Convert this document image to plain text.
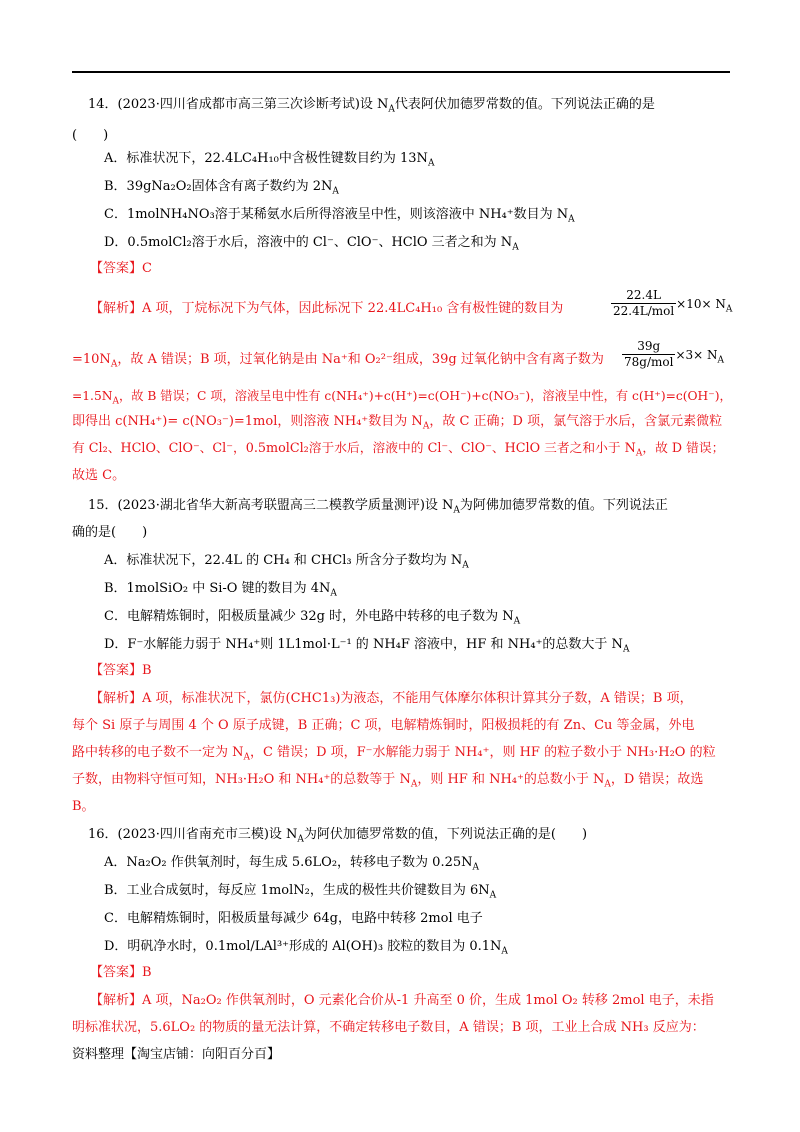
14．(2023·四川省成都市高三第三次诊断考试)设 $N_A$代表阿伏加德罗常数的值。下列说法正确的是
(　　)
A．标准状况下，22.4LC₄H₁₀中含极性键数目约为 $13N_A$
B．39gNa₂O₂固体含有离子数约为 $2N_A$
C．1molNH₄NO₃溶于某稀氨水后所得溶液呈中性，则该溶液中 NH₄⁺数目为 $N_A$
D．0.5molCl₂溶于水后，溶液中的 Cl⁻、ClO⁻、HClO 三者之和为 $N_A$
【答案】C
【解析】A 项，丁烷标况下为气体，因此标况下 22.4LC₄H₁₀ 含有极性键的数目为	$\frac{22.4L}{\text{22.4L/mol}} \times 10\times N_A$
$=10N_A$，故 A 错误；B 项，过氧化钠是由 Na⁺和 O₂²⁻组成，39g 过氧化钠中含有离子数为 $\frac{39g}{\text{78g/mol}} \times 3\times N_A$
$=1.5N_A$，故 B 错误；C 项，溶液呈电中性有 c(NH₄⁺)+c(H⁺)=c(OH⁻)+c(NO₃⁻)，溶液呈中性，有 c(H⁺)=c(OH⁻)，
即得出 c(NH₄⁺)= c(NO₃⁻)=1mol，则溶液 NH₄⁺数目为 $N_A$，故 C 正确；D 项，氯气溶于水后，含氯元素微粒
有 Cl₂、HClO、ClO⁻、Cl⁻，0.5molCl₂溶于水后，溶液中的 Cl⁻、ClO⁻、HClO 三者之和小于 $N_A$，故 D 错误；
故选 C。
15．(2023·湖北省华大新高考联盟高三二模教学质量测评)设 $N_A$为阿佛加德罗常数的值。下列说法正
确的是(　　)
A．标准状况下，22.4L 的 CH₄ 和 CHCl₃ 所含分子数均为 $N_A$
B．1molSiO₂ 中 Si-O 键的数目为 $4N_A$
C．电解精炼铜时，阳极质量减少 32g 时，外电路中转移的电子数为 $N_A$
D．F⁻水解能力弱于 NH₄⁺则 1L1mol·L⁻¹ 的 NH₄F 溶液中，HF 和 NH₄⁺的总数大于 $N_A$
【答案】B
【解析】A 项，标准状况下，氯仿(CHC1₃)为液态，不能用气体摩尔体积计算其分子数，A 错误；B 项，
每个 Si 原子与周围 4 个 O 原子成键，B 正确；C 项，电解精炼铜时，阳极损耗的有 Zn、Cu 等金属，外电
路中转移的电子数不一定为 $N_A$，C 错误；D 项，F⁻水解能力弱于 NH₄⁺，则 HF 的粒子数小于 NH₃·H₂O 的粒
子数，由物料守恒可知，NH₃·H₂O 和 NH₄⁺的总数等于 $N_A$，则 HF 和 NH₄⁺的总数小于 $N_A$，D 错误；故选
B。
16．(2023·四川省南充市三模)设 $N_A$为阿伏加德罗常数的值，下列说法正确的是(　　)
A．Na₂O₂ 作供氧剂时，每生成 5.6LO₂，转移电子数为 $0.25N_A$
B．工业合成氨时，每反应 1molN₂，生成的极性共价键数目为 $6N_A$
C．电解精炼铜时，阳极质量每减少 64g，电路中转移 2mol 电子
D．明矾净水时，0.1mol/LAl³⁺形成的 Al(OH)₃ 胶粒的数目为 $0.1N_A$
【答案】B
【解析】A 项，Na₂O₂ 作供氧剂时，O 元素化合价从-1 升高至 0 价，生成 1mol O₂ 转移 2mol 电子，未指
明标准状况，5.6LO₂ 的物质的量无法计算，不确定转移电子数目，A 错误；B 项，工业上合成 NH₃ 反应为：
资料整理【淘宝店铺：向阳百分百】
